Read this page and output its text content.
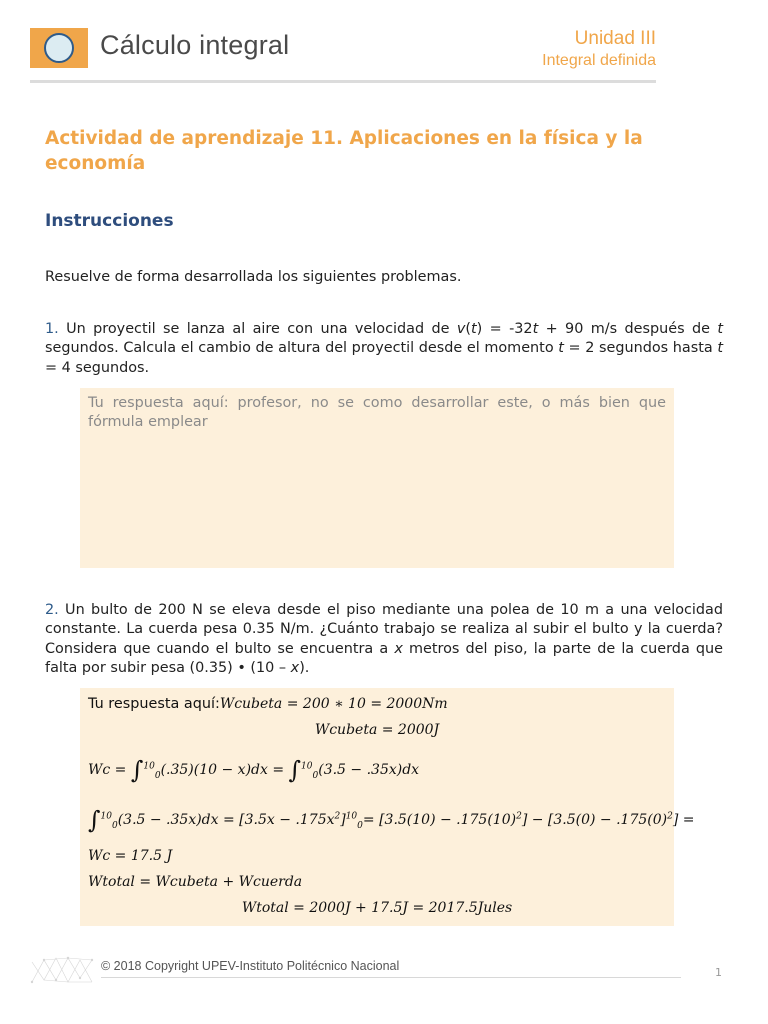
Cálculo integral	Unidad III
Integral definida
Actividad de aprendizaje 11. Aplicaciones en la física y la economía
Instrucciones
Resuelve de forma desarrollada los siguientes problemas.
1. Un proyectil se lanza al aire con una velocidad de v(t) = -32t + 90 m/s después de t segundos. Calcula el cambio de altura del proyectil desde el momento t = 2 segundos hasta t = 4 segundos.
Tu respuesta aquí: profesor, no se como desarrollar este, o más bien que fórmula emplear
2. Un bulto de 200 N se eleva desde el piso mediante una polea de 10 m a una velocidad constante. La cuerda pesa 0.35 N/m. ¿Cuánto trabajo se realiza al subir el bulto y la cuerda? Considera que cuando el bulto se encuentra a x metros del piso, la parte de la cuerda que falta por subir pesa (0.35) • (10 – x).
Tu respuesta aquí:Wcubeta = 200 ∗ 10 = 2000Nm
Wcubeta = 2000J
Wc = ∫$^{10}_0$(.35)(10 − x)dx = ∫$^{10}_0$(3.5 − .35x)dx
$\int^{10}_0(3.5 - .35x)dx = [3.5x - .175x^2]^{10}_0= [3.5(10) - .175(10)^2] - [3.5(0) - .175(0)^2]$ =
Wc = 17.5 J
Wtotal = Wcubeta + Wcuerda
Wtotal = 2000J + 17.5J = 2017.5Jules
© 2018 Copyright UPEV-Instituto Politécnico Nacional	1
